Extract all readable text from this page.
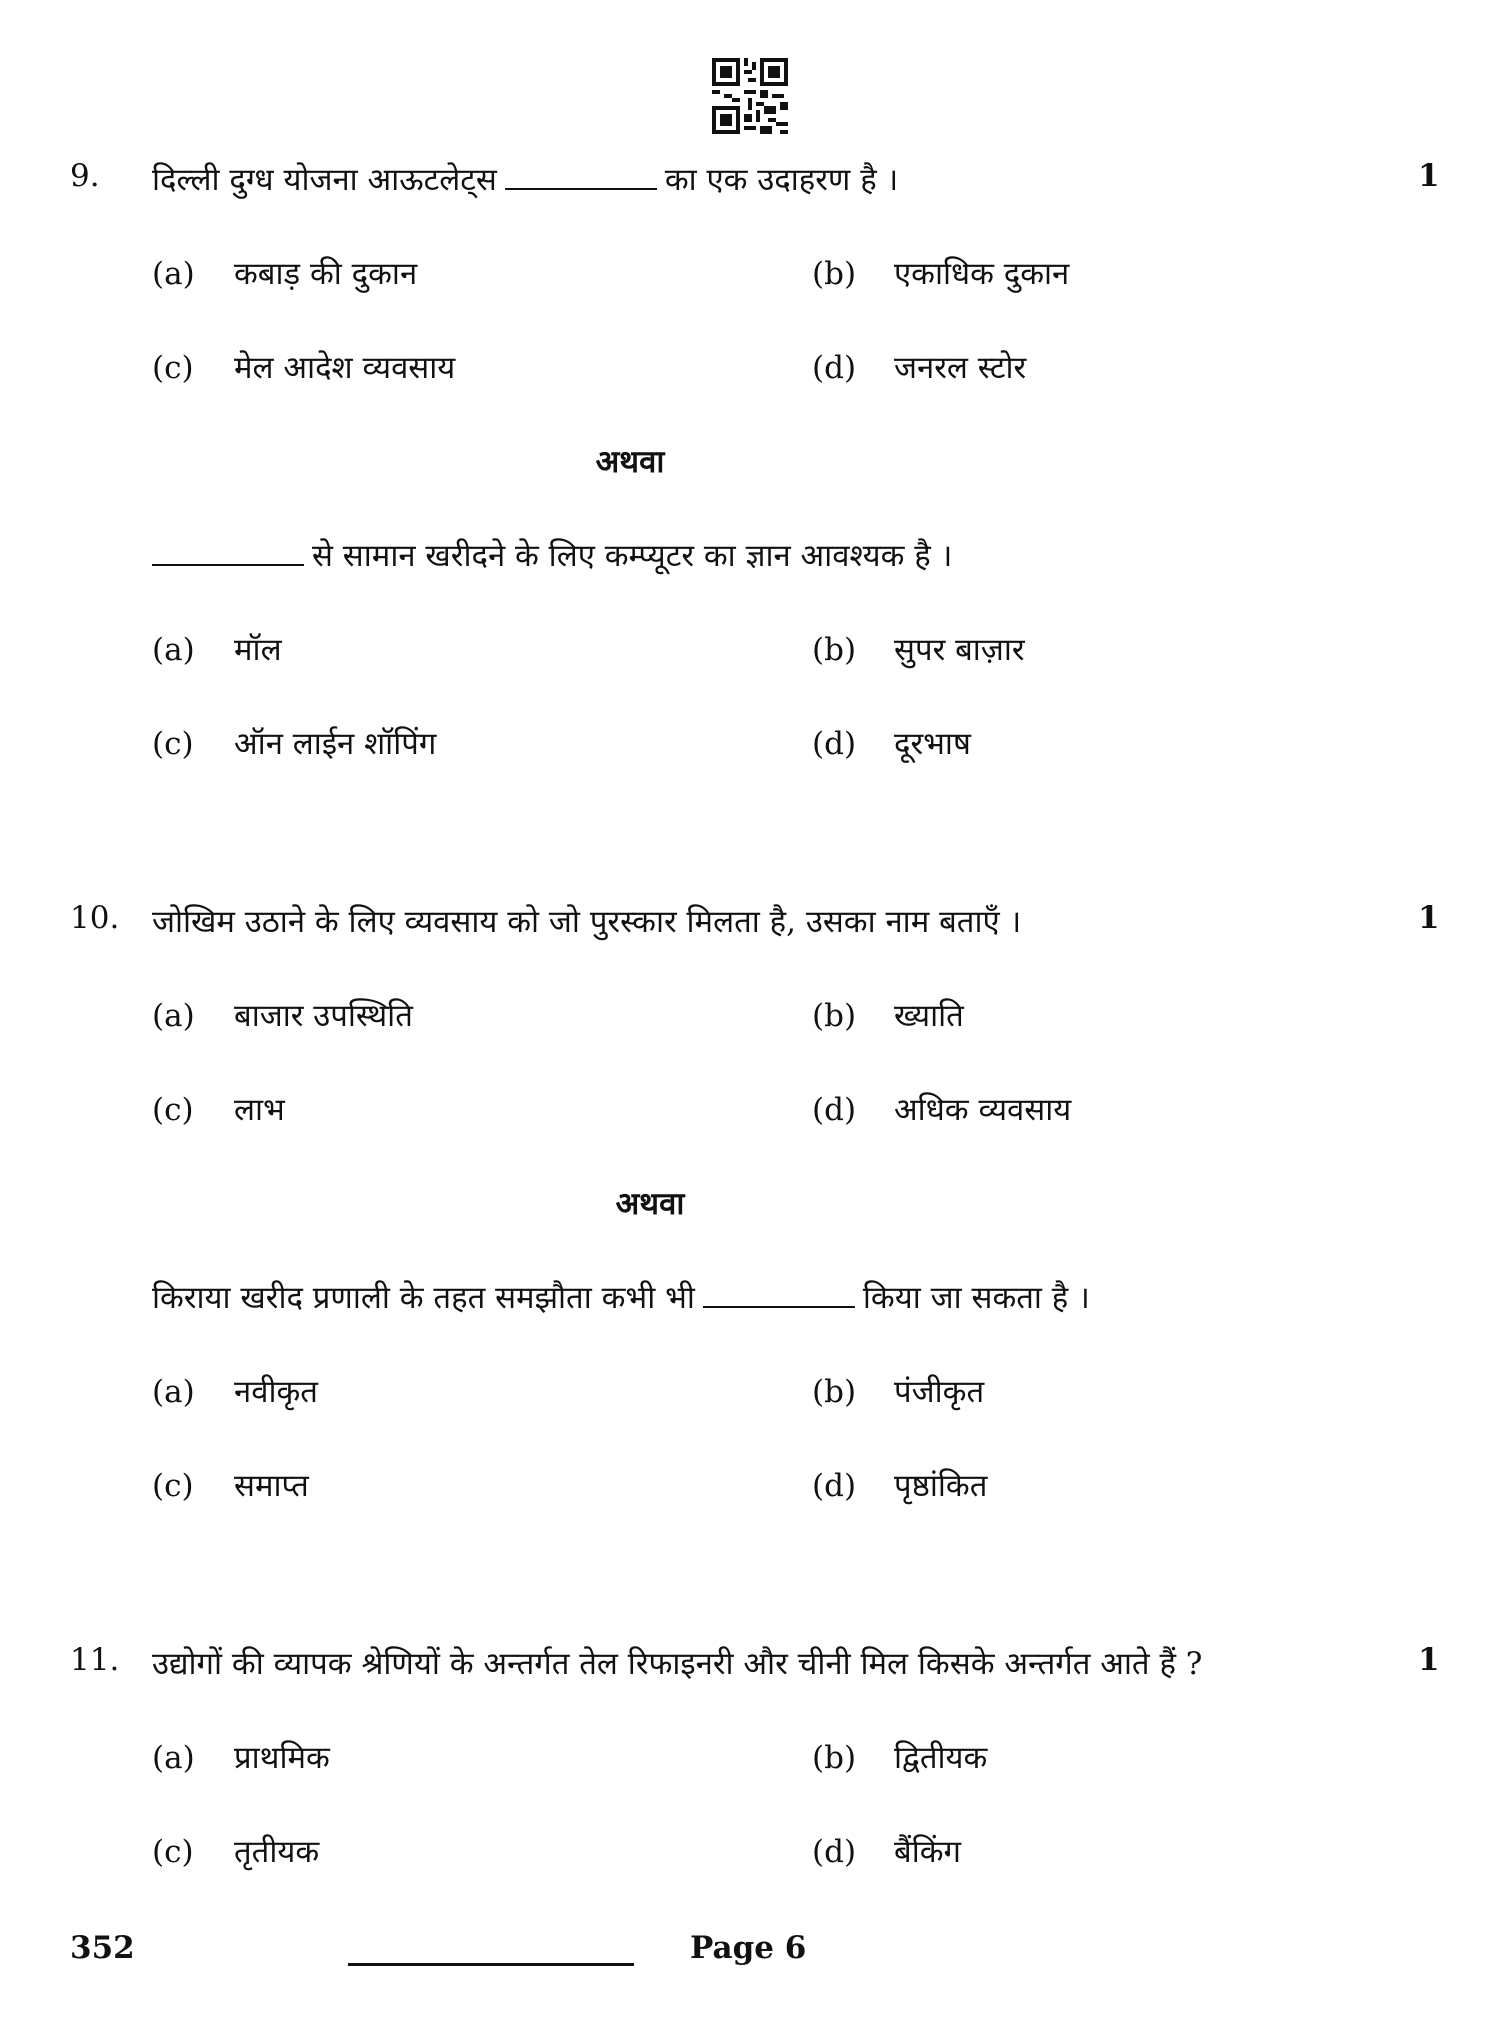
9. दिल्ली दुग्ध योजना आऊटलेट्स	का एक उदाहरण है ।	1
(a) कबाड़ की दुकान	(b) एकाधिक दुकान
(c) मेल आदेश व्यवसाय	(d) जनरल स्टोर
अथवा
से सामान खरीदने के लिए कम्प्यूटर का ज्ञान आवश्यक है ।
(a) मॉल	(b) सुपर बाज़ार
(c) ऑन लाईन शॉपिंग	(d) दूरभाष
10. जोखिम उठाने के लिए व्यवसाय को जो पुरस्कार मिलता है, उसका नाम बताएँ ।	1
(a) बाजार उपस्थिति	(b) ख्याति
(c) लाभ	(d) अधिक व्यवसाय
अथवा
किराया खरीद प्रणाली के तहत समझौता कभी भी	किया जा सकता है ।
(a) नवीकृत	(b) पंजीकृत
(c) समाप्त	(d) पृष्ठांकित
11. उद्योगों की व्यापक श्रेणियों के अन्तर्गत तेल रिफाइनरी और चीनी मिल किसके अन्तर्गत आते हैं ?	1
(a) प्राथमिक	(b) द्वितीयक
(c) तृतीयक	(d) बैंकिंग
352	Page 6
